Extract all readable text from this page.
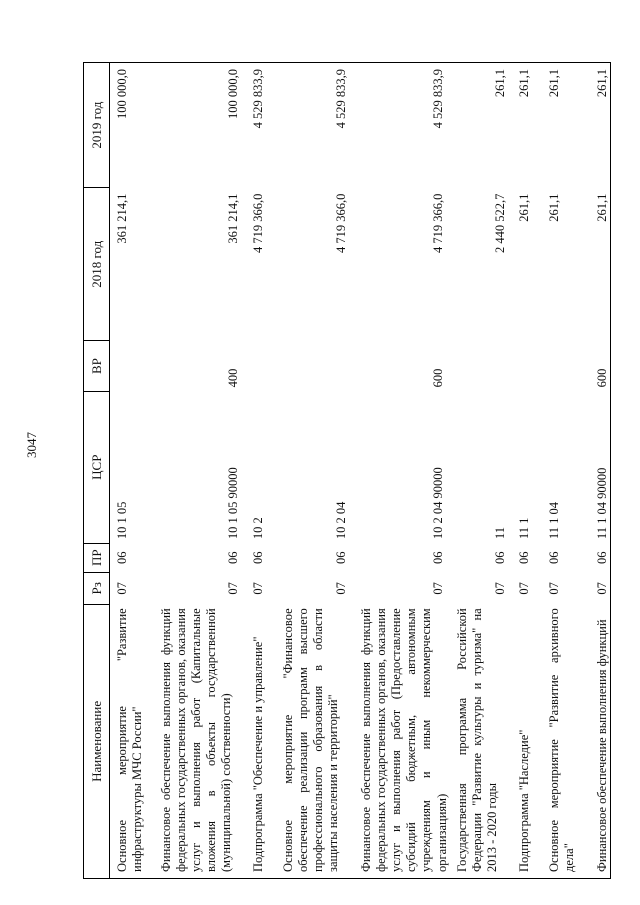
3047
Наименование	Рз	ПР	ЦСР	ВР	2018 год	2019 год
Основное мероприятие "Развитие инфраструктуры МЧС России"	07	06	10 1 05		361 214,1	100 000,0
Финансовое обеспечение выполнения функций федеральных государственных органов, оказания услуг и выполнения работ (Капитальные вложения в объекты государственной (муниципальной) собственности)	07	06	10 1 05 90000	400	361 214,1	100 000,0
Подпрограмма "Обеспечение и управление"	07	06	10 2		4 719 366,0	4 529 833,9
Основное мероприятие "Финансовое обеспечение реализации программ высшего профессионального образования в области защиты населения и территорий"	07	06	10 2 04		4 719 366,0	4 529 833,9
Финансовое обеспечение выполнения функций федеральных государственных органов, оказания услуг и выполнения работ (Предоставление субсидий бюджетным, автономным учреждениям и иным некоммерческим организациям)	07	06	10 2 04 90000	600	4 719 366,0	4 529 833,9
Государственная программа Российской Федерации "Развитие культуры и туризма" на 2013 - 2020 годы	07	06	11		2 440 522,7	261,1
Подпрограмма "Наследие"	07	06	11 1		261,1	261,1
Основное мероприятие "Развитие архивного дела"	07	06	11 1 04		261,1	261,1
Финансовое обеспечение выполнения функций	07	06	11 1 04 90000	600	261,1	261,1
